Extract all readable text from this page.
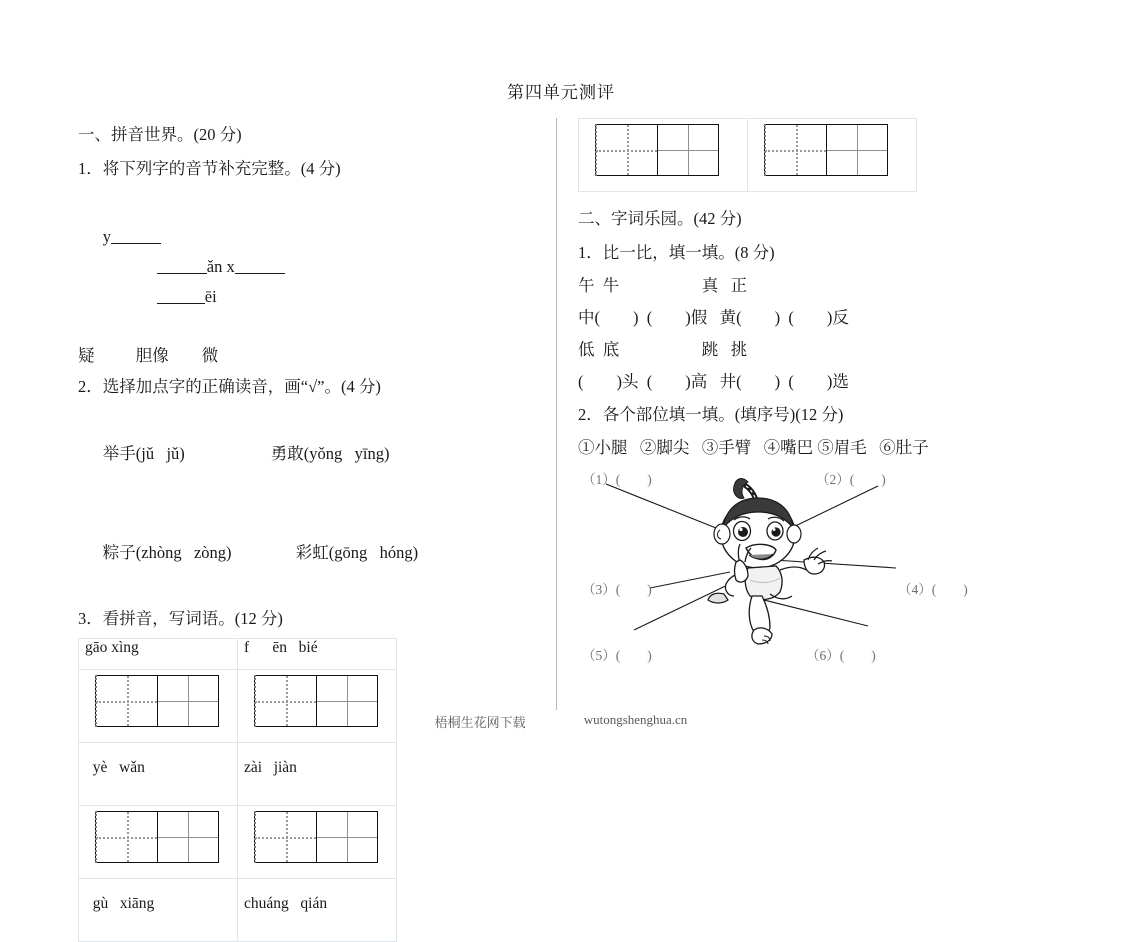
第四单元测评
一、拼音世界。(20 分)
1．将下列字的音节补充完整。(4 分)

y
ǎn x
ēi

疑          胆像        微
2．选择加点字的正确读音，画“√”。(4 分)

举手(jǔ   jǔ)	勇敢(yǒng   yīng)

粽子(zhòng   zòng)	彩虹(gōng   hóng)

3．看拼音，写词语。(12 分)
gāo xìng	f      ēn   bié

yè   wǎn	zài   jiàn

gù   xiāng	chuáng   qián

二、字词乐园。(42 分)
1．比一比，填一填。(8 分)
午  牛                    真   正
中(        )  (        )假   黄(        )  (        )反
低  底                    跳   挑
(        )头  (        )高   井(        )  (        )选
2．各个部位填一填。(填序号)(12 分)
①小腿   ②脚尖   ③手臂   ④嘴巴 ⑤眉毛   ⑥肚子
（1）(        )	（2）(        )
（3）(        )	（4）(        )
（5）(        )	（6）(        )
梧桐生花网下载	wutongshenghua.cn
